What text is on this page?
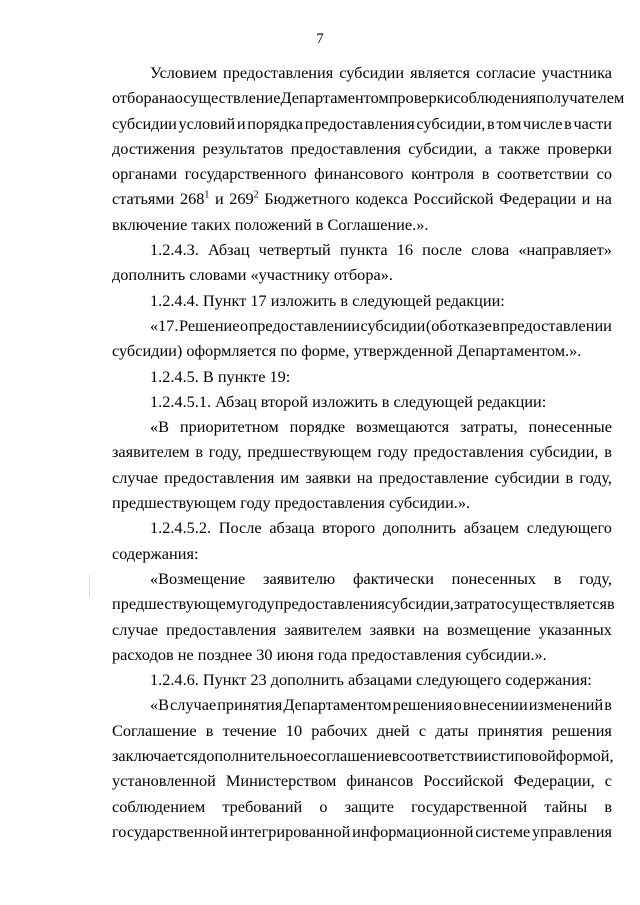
7
Условием предоставления субсидии является согласие участника
отбора на осуществление Департаментом проверки соблюдения получателем
субсидии условий и порядка предоставления субсидии, в том числе в части
достижения результатов предоставления субсидии, а также проверки
органами государственного финансового контроля в соответствии со
статьями $268^1$ и $269^2$ Бюджетного кодекса Российской Федерации и на
включение таких положений в Соглашение.».
1.2.4.3. Абзац четвертый пункта 16 после слова «направляет»
дополнить словами «участнику отбора».
1.2.4.4. Пункт 17 изложить в следующей редакции:
«17. Решение о предоставлении субсидии (об отказе в предоставлении
субсидии) оформляется по форме, утвержденной Департаментом.».
1.2.4.5. В пункте 19:
1.2.4.5.1. Абзац второй изложить в следующей редакции:
«В приоритетном порядке возмещаются затраты, понесенные
заявителем в году, предшествующем году предоставления субсидии, в
случае предоставления им заявки на предоставление субсидии в году,
предшествующем году предоставления субсидии.».
1.2.4.5.2. После абзаца второго дополнить абзацем следующего
содержания:
«Возмещение заявителю фактически понесенных в году,
предшествующему году предоставления субсидии, затрат осуществляется в
случае предоставления заявителем заявки на возмещение указанных
расходов не позднее 30 июня года предоставления субсидии.».
1.2.4.6. Пункт 23 дополнить абзацами следующего содержания:
«В случае принятия Департаментом решения о внесении изменений в
Соглашение в течение 10 рабочих дней с даты принятия решения
заключается дополнительное соглашение в соответствии с типовой формой,
установленной Министерством финансов Российской Федерации, с
соблюдением требований о защите государственной тайны в
государственной интегрированной информационной системе управления
